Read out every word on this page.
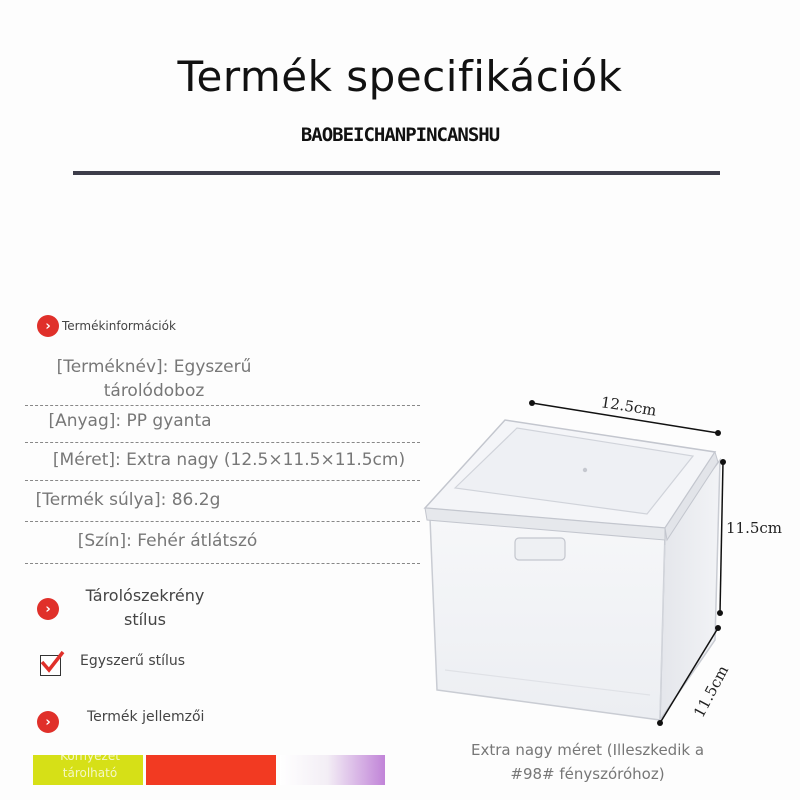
Termék specifikációk
BAOBEICHANPINCANSHU
› Termékinformációk
[Terméknév]: Egyszerű tárolódoboz
[Anyag]: PP gyanta
[Méret]: Extra nagy (12.5×11.5×11.5cm)
[Termék súlya]: 86.2g
[Szín]: Fehér átlátszó
›
Tárolószekrény stílus
Egyszerű stílus
›	Termék jellemzői
Környezet tárolható
12.5cm
11.5cm
11.5cm
Extra nagy méret (Illeszkedik a #98# fényszóróhoz)
